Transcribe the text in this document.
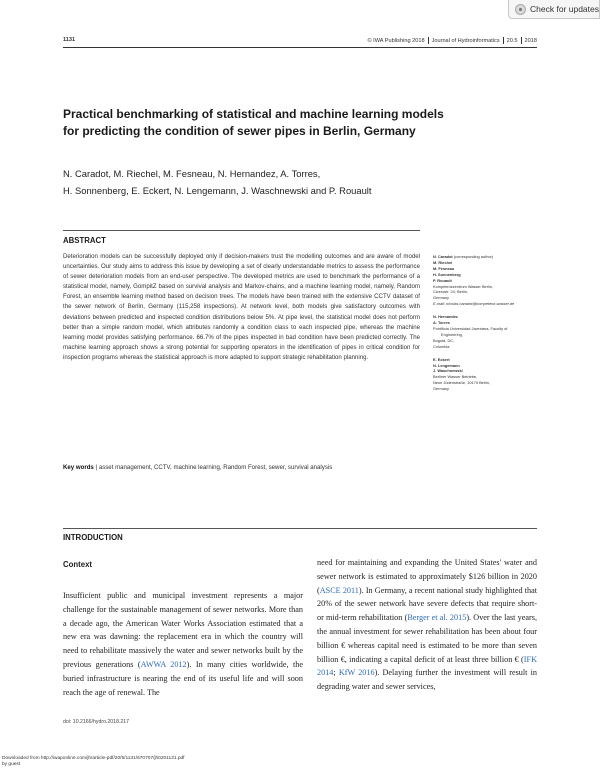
Check for updates
1131	© IWA Publishing 2018 Journal of Hydroinformatics 20.5 2018
Practical benchmarking of statistical and machine learning models for predicting the condition of sewer pipes in Berlin, Germany
N. Caradot, M. Riechel, M. Fesneau, N. Hernandez, A. Torres,
H. Sonnenberg, E. Eckert, N. Lengemann, J. Waschnewski and P. Rouault
ABSTRACT
Deterioration models can be successfully deployed only if decision-makers trust the modelling outcomes and are aware of model uncertainties. Our study aims to address this issue by developing a set of clearly understandable metrics to assess the performance of sewer deterioration models from an end-user perspective. The developed metrics are used to benchmark the performance of a statistical model, namely, GompitZ based on survival analysis and Markov-chains, and a machine learning model, namely, Random Forest, an ensemble learning method based on decision trees. The models have been trained with the extensive CCTV dataset of the sewer network of Berlin, Germany (115,258 inspections). At network level, both models give satisfactory outcomes with deviations between predicted and inspected condition distributions below 5%. At pipe level, the statistical model does not perform better than a simple random model, which attributes randomly a condition class to each inspected pipe, whereas the machine learning model provides satisfying performance. 66.7% of the pipes inspected in bad condition have been predicted correctly. The machine learning approach shows a strong potential for supporting operators in the identification of pipes in critical condition for inspection programs whereas the statistical approach is more adapted to support strategic rehabilitation planning.
Key words | asset management, CCTV, machine learning, Random Forest, sewer, survival analysis
N. Caradot (corresponding author)
M. Riechel
M. Fesneau
H. Sonnenberg
P. Rouault
Kompetenzzentrum Wasser Berlin,
Cicerostr. 24, Berlin,
Germany
E-mail: nicolas.caradot@kompetenz-wasser.de
N. Hernandez
A. Torres
Pontificia Universidad Javeriana, Faculty of
Engineering,
Bogotá, DC,
Colombia
E. Eckert
N. Lengemann
J. Waschnewski
Berliner Wasser Betriebe,
Neue Jüdenstraße, 10179 Berlin,
Germany
INTRODUCTION
Context
Insufficient public and municipal investment represents a major challenge for the sustainable management of sewer networks. More than a decade ago, the American Water Works Association estimated that a new era was dawning: the replacement era in which the country will need to rehabilitate massively the water and sewer networks built by the previous generations (AWWA 2012). In many cities worldwide, the buried infrastructure is nearing the end of its useful life and will soon reach the age of renewal. The
need for maintaining and expanding the United States' water and sewer network is estimated to approximately $126 billion in 2020 (ASCE 2011). In Germany, a recent national study highlighted that 20% of the sewer network have severe defects that require short- or mid-term rehabilitation (Berger et al. 2015). Over the last years, the annual investment for sewer rehabilitation has been about four billion € whereas capital need is estimated to be more than seven billion €, indicating a capital deficit of at least three billion € (IFK 2014; KfW 2016). Delaying further the investment will result in degrading water and sewer services,
doi: 10.2166/hydro.2018.217
Downloaded from http://iwaponline.com/jh/article-pdf/20/5/1131/670707/jh0201131.pdf
by guest
